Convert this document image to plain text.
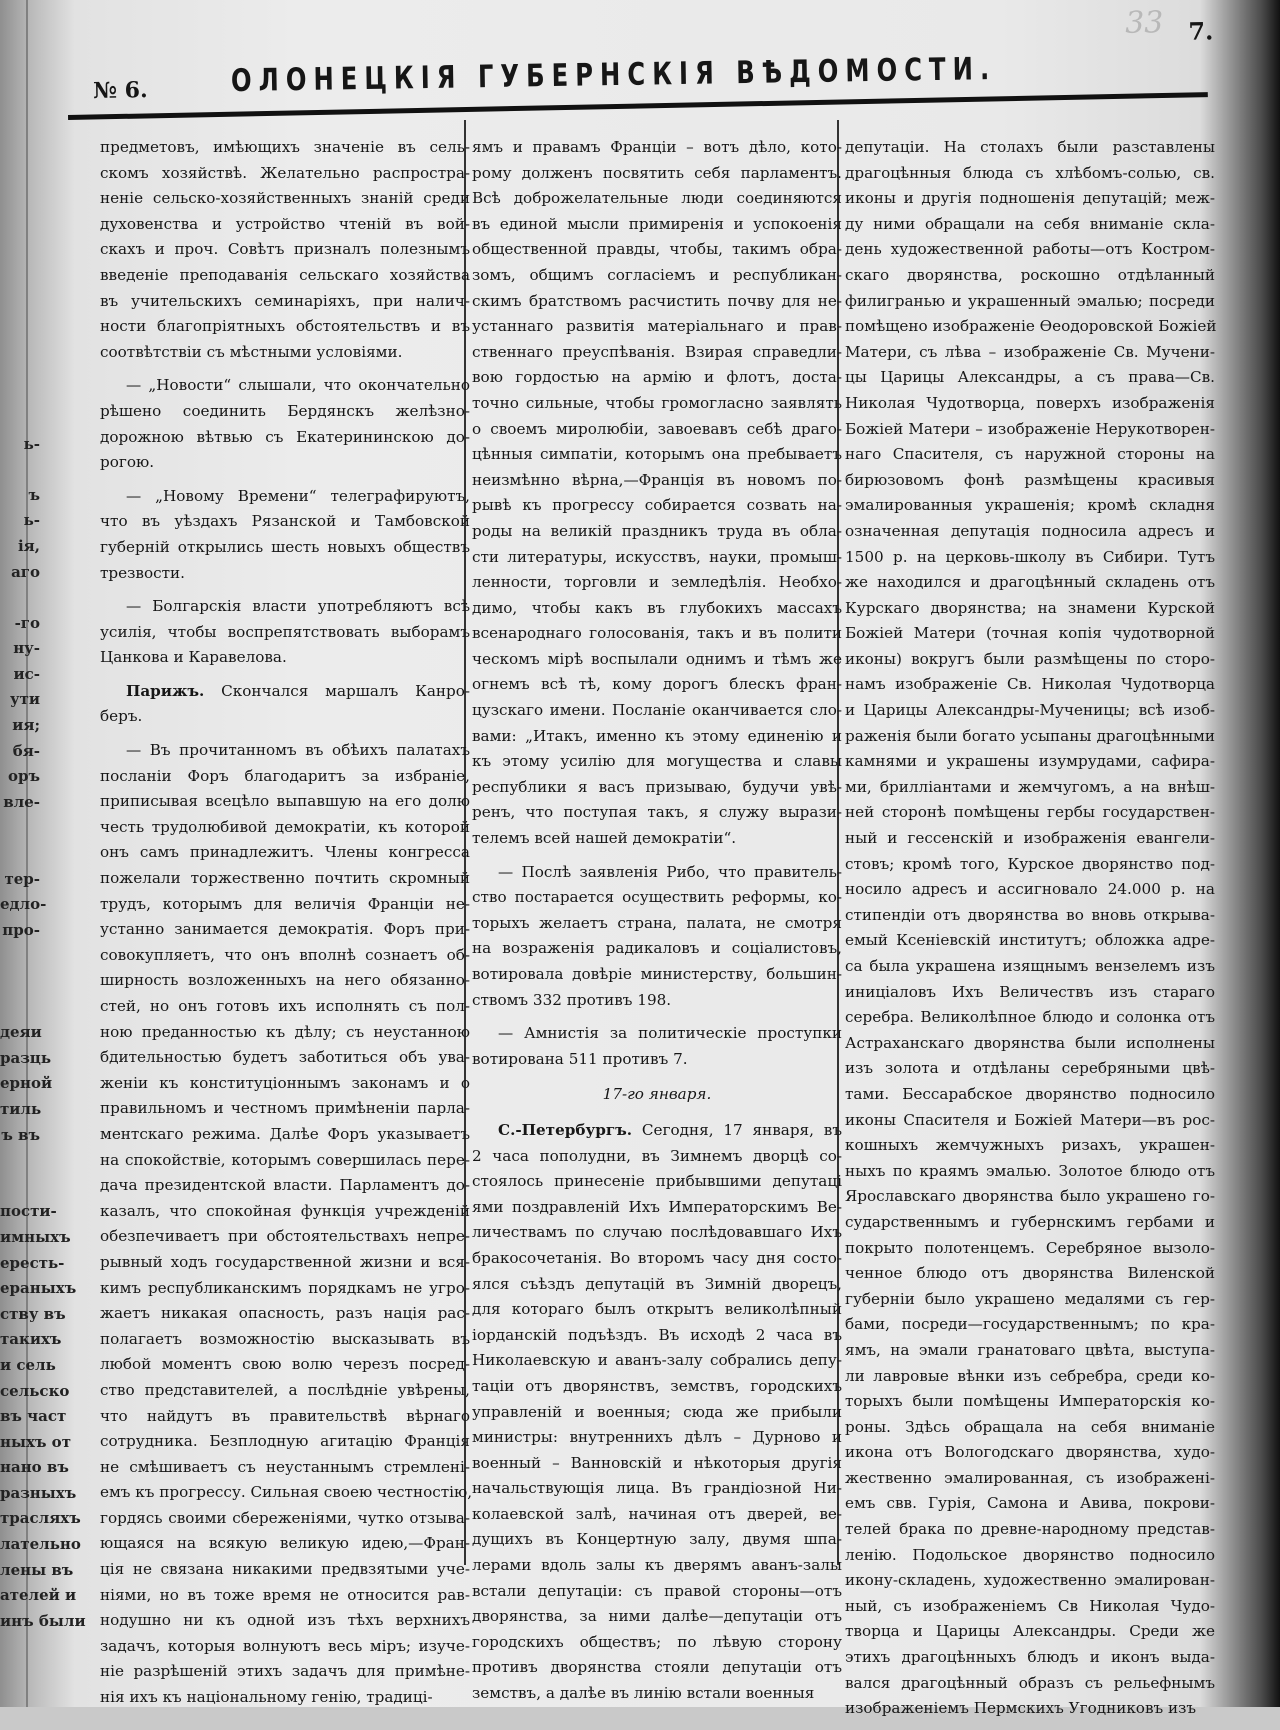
ь-
ъ
ь-
ія,
аго
-го
ну-
ис-
ути
ия;
бя-
оръ
вле-
тер-
едло-
про-
деяи
разць
ерной
тиль
ъ въ
пости-
имныхъ
ересть-
ераныхъ
ству въ
такихъ
и сель
сельско
въ част
ныхъ от
нано въ
разныхъ
трасляхъ
лательно
лены въ
ателей и
инъ были
№ 6.	ОЛОНЕЦКІЯ ГУБЕРНСКІЯ ВѢДОМОСТИ.
33 7.
предметовъ, имѣющихъ значеніе въ сель-
скомъ хозяйствѣ. Желательно распростра-
неніе сельско-хозяйственныхъ знаній среди
духовенства и устройство чтеній въ вой-
скахъ и проч. Совѣтъ призналъ полезнымъ
введеніе преподаванія сельскаго хозяйства
въ учительскихъ семинаріяхъ, при налич-
ности благопріятныхъ обстоятельствъ и въ
соотвѣтствіи съ мѣстными условіями.
— „Новости“ слышали, что окончательно
рѣшено соединить Бердянскъ желѣзно-
дорожною вѣтвью съ Екатерининскою до-
рогою.
— „Новому Времени“ телеграфируютъ,
что въ уѣздахъ Рязанской и Тамбовской
губерній открылись шесть новыхъ обществъ
трезвости.
— Болгарскія власти употребляютъ всѣ
усилія, чтобы воспрепятствовать выборамъ
Цанкова и Каравелова.
Парижъ. Скончался маршалъ Канро-
беръ.
— Въ прочитанномъ въ обѣихъ палатахъ
посланіи Форъ благодаритъ за избраніе,
приписывая всецѣло выпавшую на его долю
честь трудолюбивой демократіи, къ которой
онъ самъ принадлежитъ. Члены конгресса
пожелали торжественно почтить скромный
трудъ, которымъ для величія Франціи не-
устанно занимается демократія. Форъ при-
совокупляетъ, что онъ вполнѣ сознаетъ об-
ширность возложенныхъ на него обязанно-
стей, но онъ готовъ ихъ исполнять съ пол-
ною преданностью къ дѣлу; съ неустанною
бдительностью будетъ заботиться объ ува-
женіи къ конституціоннымъ законамъ и о
правильномъ и честномъ примѣненіи парла-
ментскаго режима. Далѣе Форъ указываетъ
на спокойствіе, которымъ совершилась пере-
дача президентской власти. Парламентъ до-
казалъ, что спокойная функція учрежденій
обезпечиваетъ при обстоятельствахъ непре-
рывный ходъ государственной жизни и вся-
кимъ республиканскимъ порядкамъ не угро-
жаетъ никакая опасность, разъ нація рас-
полагаетъ возможностію высказывать въ
любой моментъ свою волю черезъ посред-
ство представителей, а послѣдніе увѣрены,
что найдутъ въ правительствѣ вѣрнаго
сотрудника. Безплодную агитацію Франція
не смѣшиваетъ съ неустаннымъ стремлені-
емъ къ прогрессу. Сильная своею честностію,
гордясь своими сбереженіями, чутко отзыва-
ющаяся на всякую великую идею,—Фран-
ція не связана никакими предвзятыми уче-
ніями, но въ тоже время не относится рав-
нодушно ни къ одной изъ тѣхъ верхнихъ
задачъ, которыя волнуютъ весь міръ; изуче-
ніе разрѣшеній этихъ задачъ для примѣне-
нія ихъ къ національному генію, традиці-
ямъ и правамъ Франціи – вотъ дѣло, кото-
рому долженъ посвятить себя парламентъ.
Всѣ доброжелательные люди соединяются
въ единой мысли примиренія и успокоенія
общественной правды, чтобы, такимъ обра-
зомъ, общимъ согласіемъ и республикан-
скимъ братствомъ расчистить почву для не-
устаннаго развитія матеріальнаго и прав-
ственнаго преуспѣванія. Взирая справедли-
вою гордостью на армію и флотъ, доста-
точно сильные, чтобы громогласно заявлять
о своемъ миролюбіи, завоевавъ себѣ драго-
цѣнныя симпатіи, которымъ она пребываетъ
неизмѣнно вѣрна,—Франція въ новомъ по-
рывѣ къ прогрессу собирается созвать на-
роды на великій праздникъ труда въ обла-
сти литературы, искусствъ, науки, промыш-
ленности, торговли и земледѣлія. Необхо-
димо, чтобы какъ въ глубокихъ массахъ
всенароднаго голосованія, такъ и въ полити
ческомъ мірѣ воспылали однимъ и тѣмъ же
огнемъ всѣ тѣ, кому дорогъ блескъ фран-
цузскаго имени. Посланіе оканчивается сло-
вами: „Итакъ, именно къ этому единенію и
къ этому усилію для могущества и славы
республики я васъ призываю, будучи увѣ-
ренъ, что поступая такъ, я служу вырази-
телемъ всей нашей демократіи“.
— Послѣ заявленія Рибо, что правитель-
ство постарается осуществить реформы, ко-
торыхъ желаетъ страна, палата, не смотря
на возраженія радикаловъ и соціалистовъ,
вотировала довѣріе министерству, большин-
ствомъ 332 противъ 198.
— Амнистія за политическіе проступки
вотирована 511 противъ 7.
17-го января.
С.-Петербургъ. Сегодня, 17 января, въ
2 часа пополудни, въ Зимнемъ дворцѣ со-
стоялось принесеніе прибывшими депутаці
ями поздравленій Ихъ Императорскимъ Ве-
личествамъ по случаю послѣдовавшаго Ихъ
бракосочетанія. Во второмъ часу дня состо-
ялся съѣздъ депутацій въ Зимній дворецъ,
для котораго былъ открытъ великолѣпный
іорданскій подъѣздъ. Въ исходѣ 2 часа въ
Николаевскую и аванъ-залу собрались депу-
таціи отъ дворянствъ, земствъ, городскихъ
управленій и военныя; сюда же прибыли
министры: внутреннихъ дѣлъ – Дурново и
военный – Ванновскій и нѣкоторыя другія
начальствующія лица. Въ грандіозной Ни-
колаевской залѣ, начиная отъ дверей, ве-
дущихъ въ Концертную залу, двумя шпа-
лерами вдоль залы къ дверямъ аванъ-залы
встали депутаціи: съ правой стороны—отъ
дворянства, за ними далѣе—депутаціи отъ
городскихъ обществъ; по лѣвую сторону
противъ дворянства стояли депутаціи отъ
земствъ, а далѣе въ линію встали военныя
депутаціи. На столахъ были разставлены
драгоцѣнныя блюда съ хлѣбомъ-солью, св.
иконы и другія подношенія депутацій; меж-
ду ними обращали на себя вниманіе скла-
день художественной работы—отъ Костром-
скаго дворянства, роскошно отдѣланный
филигранью и украшенный эмалью; посреди
помѣщено изображеніе Ѳеодоровской Божіей
Матери, съ лѣва – изображеніе Св. Мучени-
цы Царицы Александры, а съ права—Св.
Николая Чудотворца, поверхъ изображенія
Божіей Матери – изображеніе Нерукотворен-
наго Спасителя, съ наружной стороны на
бирюзовомъ фонѣ размѣщены красивыя
эмалированныя украшенія; кромѣ складня
означенная депутація подносила адресъ и
1500 р. на церковь-школу въ Сибири. Тутъ
же находился и драгоцѣнный складень отъ
Курскаго дворянства; на знамени Курской
Божіей Матери (точная копія чудотворной
иконы) вокругъ были размѣщены по сторо-
намъ изображеніе Св. Николая Чудотворца
и Царицы Александры-Мученицы; всѣ изоб-
раженія были богато усыпаны драгоцѣнными
камнями и украшены изумрудами, сафира-
ми, брилліантами и жемчугомъ, а на внѣш-
ней сторонѣ помѣщены гербы государствен-
ный и гессенскій и изображенія евангели-
стовъ; кромѣ того, Курское дворянство под-
носило адресъ и ассигновало 24.000 р. на
стипендіи отъ дворянства во вновь открыва-
емый Ксеніевскій институтъ; обложка адре-
са была украшена изящнымъ вензелемъ изъ
иниціаловъ Ихъ Величествъ изъ стараго
серебра. Великолѣпное блюдо и солонка отъ
Астраханскаго дворянства были исполнены
изъ золота и отдѣланы серебряными цвѣ-
тами. Бессарабское дворянство подносило
иконы Спасителя и Божіей Матери—въ рос-
кошныхъ жемчужныхъ ризахъ, украшен-
ныхъ по краямъ эмалью. Золотое блюдо отъ
Ярославскаго дворянства было украшено го-
сударственнымъ и губернскимъ гербами и
покрыто полотенцемъ. Серебряное вызоло-
ченное блюдо отъ дворянства Виленской
губерніи было украшено медалями съ гер-
бами, посреди—государственнымъ; по кра-
ямъ, на эмали гранатоваго цвѣта, выступа-
ли лавровые вѣнки изъ себребра, среди ко-
торыхъ были помѣщены Императорскія ко-
роны. Здѣсь обращала на себя вниманіе
икона отъ Вологодскаго дворянства, худо-
жественно эмалированная, съ изображені-
емъ свв. Гурія, Самона и Авива, покрови-
телей брака по древне-народному представ-
ленію. Подольское дворянство подносило
икону-складень, художественно эмалирован-
ный, съ изображеніемъ Св Николая Чудо-
творца и Царицы Александры. Среди же
этихъ драгоцѣнныхъ блюдъ и иконъ выда-
вался драгоцѣнный образъ съ рельефнымъ
изображеніемъ Пермскихъ Угодниковъ изъ
